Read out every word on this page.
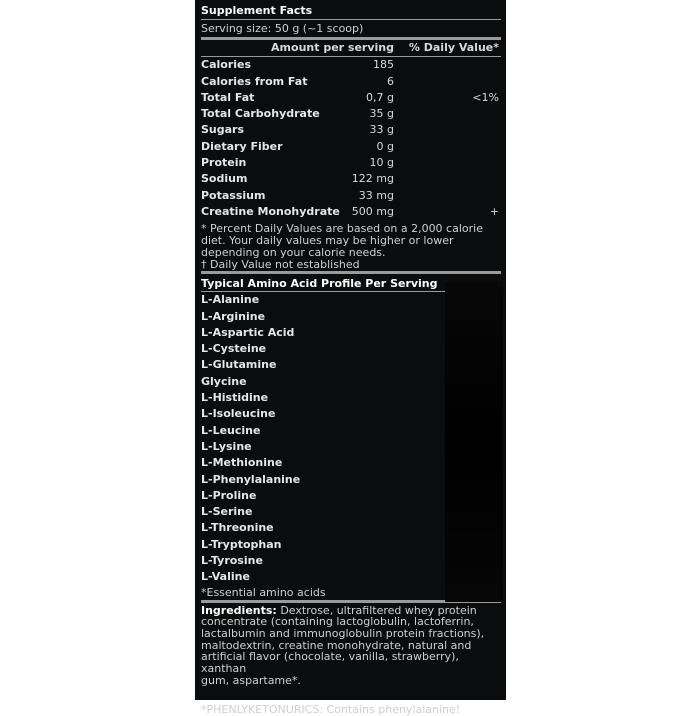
Supplement Facts
Serving size: 50 g (~1 scoop)
Amount per serving % Daily Value*
Calories	185
Calories from Fat	6
Total Fat	0,7 g	<1%
Total Carbohydrate	35 g
Sugars	33 g
Dietary Fiber	0 g
Protein	10 g
Sodium	122 mg
Potassium	33 mg
Creatine Monohydrate 500 mg	+
* Percent Daily Values are based on a 2,000 calorie
diet. Your daily values may be higher or lower
depending on your calorie needs.
† Daily Value not established
Typical Amino Acid Profile Per Serving
L-Alanine
L-Arginine
L-Aspartic Acid
L-Cysteine
L-Glutamine
Glycine
L-Histidine
L-Isoleucine
L-Leucine
L-Lysine
L-Methionine
L-Phenylalanine
L-Proline
L-Serine
L-Threonine
L-Tryptophan
L-Tyrosine
L-Valine
*Essential amino acids
Ingredients: Dextrose, ultrafiltered whey protein
concentrate (containing lactoglobulin, lactoferrin,
lactalbumin and immunoglobulin protein fractions),
maltodextrin, creatine monohydrate, natural and
artificial flavor (chocolate, vanilla, strawberry), xanthan
gum, aspartame*.
*PHENLYKETONURICS: Contains phenylalanine!
